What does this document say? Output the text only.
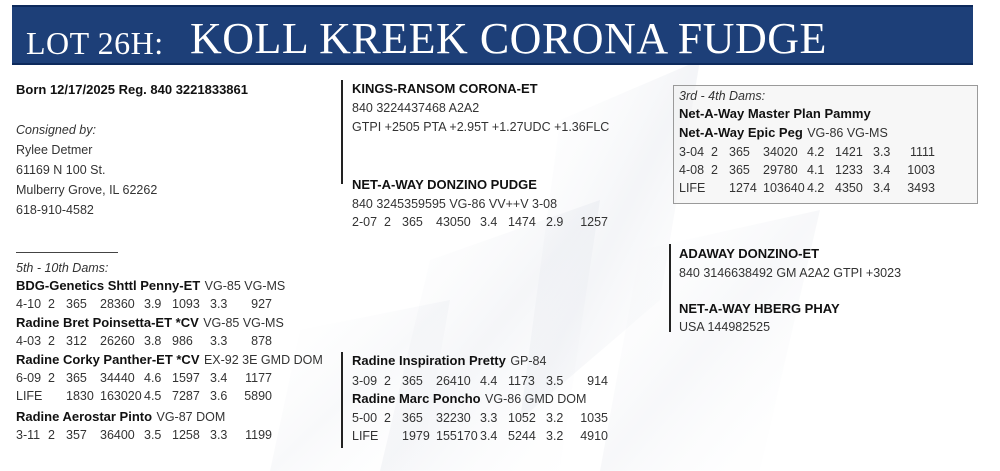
LOT 26H: KOLL KREEK CORONA FUDGE
Born 12/17/2025 Reg. 840 3221833861
Consigned by:
Rylee Detmer
61169 N 100 St.
Mulberry Grove, IL 62262
618-910-4582
5th - 10th Dams:
BDG-Genetics Shttl Penny-ET VG-85 VG-MS
4-10	2	365	28360	3.9	1093	3.3	927
Radine Bret Poinsetta-ET *CV VG-85 VG-MS
4-03	2	312	26260	3.8	986	3.3	878
Radine Corky Panther-ET *CV EX-92 3E GMD DOM
6-09	2	365	34440	4.6	1597	3.4	1177
LIFE		1830	163020	4.5	7287	3.6	5890
Radine Aerostar Pinto VG-87 DOM
3-11	2	357	36400	3.5	1258	3.3	1199
KINGS-RANSOM CORONA-ET
840 3224437468 A2A2
GTPI +2505 PTA +2.95T +1.27UDC +1.36FLC
NET-A-WAY DONZINO PUDGE
840 3245359595 VG-86 VV++V 3-08
2-07	2	365	43050	3.4	1474	2.9	1257
Radine Inspiration Pretty GP-84
3-09	2	365	26410	4.4	1173	3.5	914
Radine Marc Poncho VG-86 GMD DOM
5-00	2	365	32230	3.3	1052	3.2	1035
LIFE		1979	155170	3.4	5244	3.2	4910
3rd - 4th Dams:
Net-A-Way Master Plan Pammy
Net-A-Way Epic Peg VG-86 VG-MS
3-04	2	365	34020	4.2	1421	3.3	1111
4-08	2	365	29780	4.1	1233	3.4	1003
LIFE		1274	103640	4.2	4350	3.4	3493
ADAWAY DONZINO-ET
840 3146638492 GM A2A2 GTPI +3023
NET-A-WAY HBERG PHAY
USA 144982525
